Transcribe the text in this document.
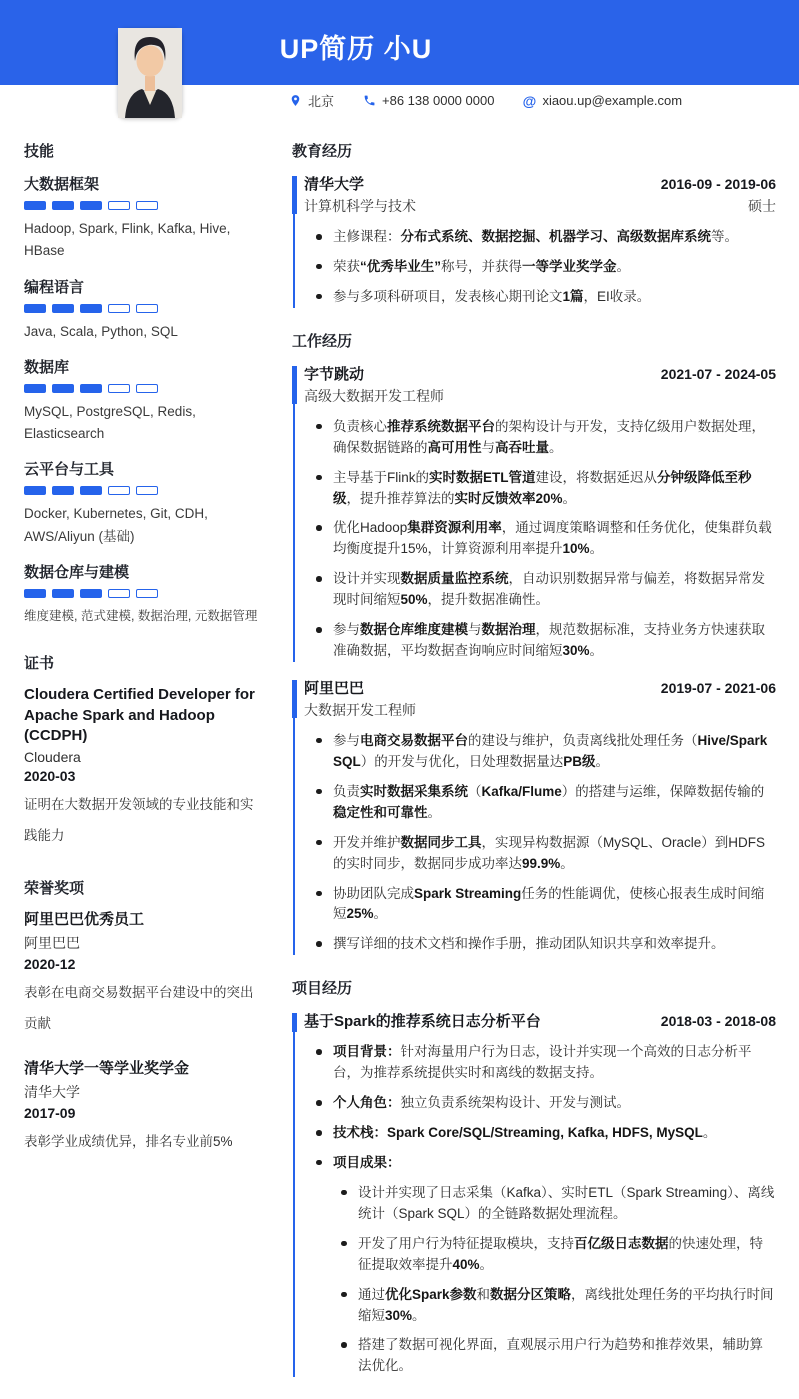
UP简历 小U
北京	+86 138 0000 0000 @ xiaou.up@example.com
技能
大数据框架
Hadoop, Spark, Flink, Kafka, Hive, HBase
编程语言
Java, Scala, Python, SQL
数据库
MySQL, PostgreSQL, Redis, Elasticsearch
云平台与工具
Docker, Kubernetes, Git, CDH, AWS/Aliyun (基础)
数据仓库与建模
维度建模, 范式建模, 数据治理, 元数据管理
证书
Cloudera Certified Developer for Apache Spark and Hadoop (CCDPH)
Cloudera
2020-03
证明在大数据开发领域的专业技能和实践能力
荣誉奖项
阿里巴巴优秀员工
阿里巴巴
2020-12
表彰在电商交易数据平台建设中的突出贡献
清华大学一等学业奖学金
清华大学
2017-09
表彰学业成绩优异，排名专业前5%
教育经历
清华大学	2016-09 - 2019-06
计算机科学与技术	硕士
主修课程：分布式系统、数据挖掘、机器学习、高级数据库系统等。
荣获“优秀毕业生”称号，并获得一等学业奖学金。
参与多项科研项目，发表核心期刊论文1篇，EI收录。
工作经历
字节跳动	2021-07 - 2024-05
高级大数据开发工程师
负责核心推荐系统数据平台的架构设计与开发，支持亿级用户数据处理，确保数据链路的高可用性与高吞吐量。
主导基于Flink的实时数据ETL管道建设，将数据延迟从分钟级降低至秒级，提升推荐算法的实时反馈效率20%。
优化Hadoop集群资源利用率，通过调度策略调整和任务优化，使集群负载均衡度提升15%，计算资源利用率提升10%。
设计并实现数据质量监控系统，自动识别数据异常与偏差，将数据异常发现时间缩短50%，提升数据准确性。
参与数据仓库维度建模与数据治理，规范数据标准，支持业务方快速获取准确数据，平均数据查询响应时间缩短30%。
阿里巴巴	2019-07 - 2021-06
大数据开发工程师
参与电商交易数据平台的建设与维护，负责离线批处理任务（Hive/Spark SQL）的开发与优化，日处理数据量达PB级。
负责实时数据采集系统（Kafka/Flume）的搭建与运维，保障数据传输的稳定性和可靠性。
开发并维护数据同步工具，实现异构数据源（MySQL、Oracle）到HDFS的实时同步，数据同步成功率达99.9%。
协助团队完成Spark Streaming任务的性能调优，使核心报表生成时间缩短25%。
撰写详细的技术文档和操作手册，推动团队知识共享和效率提升。
项目经历
基于Spark的推荐系统日志分析平台	2018-03 - 2018-08
项目背景：针对海量用户行为日志，设计并实现一个高效的日志分析平台，为推荐系统提供实时和离线的数据支持。
个人角色：独立负责系统架构设计、开发与测试。
技术栈：Spark Core/SQL/Streaming, Kafka, HDFS, MySQL。
项目成果：
设计并实现了日志采集（Kafka）、实时ETL（Spark Streaming）、离线统计（Spark SQL）的全链路数据处理流程。
开发了用户行为特征提取模块，支持百亿级日志数据的快速处理，特征提取效率提升40%。
通过优化Spark参数和数据分区策略，离线批处理任务的平均执行时间缩短30%。
搭建了数据可视化界面，直观展示用户行为趋势和推荐效果，辅助算法优化。
